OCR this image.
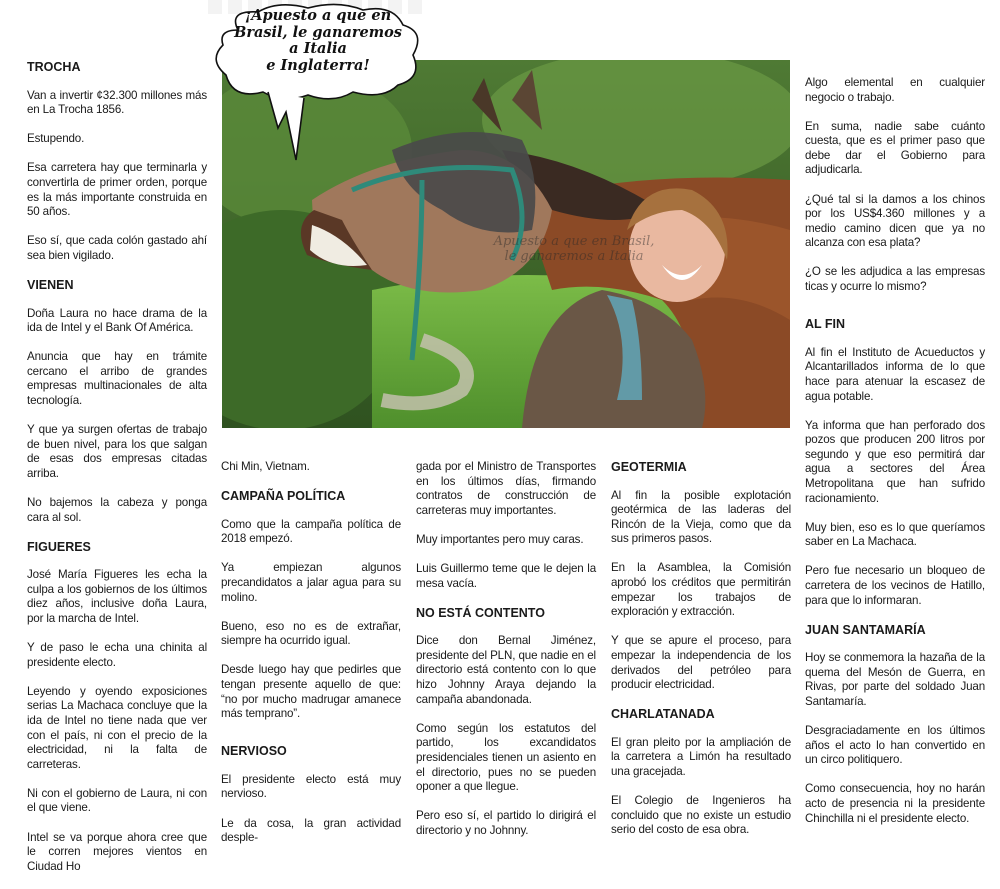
Apuesto a que en Brasil,
le ganaremos a Italia
¡Apuesto a que en
Brasil, le ganaremos
a Italia
e Inglaterra!
TROCHA

Van a invertir ¢32.300 millones más en La Trocha 1856.

Estupendo.

Esa carretera hay que terminarla y convertirla de primer orden, porque es la más importante construida en 50 años.

Eso sí, que cada colón gastado ahí sea bien vigilado.

VIENEN

Doña Laura no hace drama de la ida de Intel y el Bank Of América.

Anuncia que hay en trámite cercano el arribo de grandes empresas multinacionales de alta tecnología.

Y que ya surgen ofertas de trabajo de buen nivel, para los que salgan de esas dos empresas citadas arriba.

No bajemos la cabeza y ponga cara al sol.

FIGUERES

José María Figueres les echa la culpa a los gobiernos de los últimos diez años, inclusive doña Laura, por la marcha de Intel.

Y de paso le echa una chinita al presidente electo.

Leyendo y oyendo exposiciones serias La Machaca concluye que la ida de Intel no tiene nada que ver con el país, ni con el precio de la electricidad, ni la falta de carreteras.

Ni con el gobierno de Laura, ni con el que viene.

Intel se va porque ahora cree que le corren mejores vientos en Ciudad Ho

Chi Min, Vietnam.

CAMPAÑA POLÍTICA

Como que la campaña política de 2018 empezó.

Ya empiezan algunos precandidatos a jalar agua para su molino.

Bueno, eso no es de extrañar, siempre ha ocurrido igual.

Desde luego hay que pedirles que tengan presente aquello de que: “no por mucho madrugar amanece más temprano”.

NERVIOSO

El presidente electo está muy nervioso.

Le da cosa, la gran actividad desple-

gada por el Ministro de Transportes en los últimos días, firmando contratos de construcción de carreteras muy importantes.

Muy importantes pero muy caras.

Luis Guillermo teme que le dejen la mesa vacía.

NO ESTÁ CONTENTO

Dice don Bernal Jiménez, presidente del PLN, que nadie en el directorio está contento con lo que hizo Johnny Araya dejando la campaña abandonada.

Como según los estatutos del partido, los excandidatos presidenciales tienen un asiento en el directorio, pues no se pueden oponer a que llegue.

Pero eso sí, el partido lo dirigirá el directorio y no Johnny.

GEOTERMIA

Al fin la posible explotación geotérmica de las laderas del Rincón de la Vieja, como que da sus primeros pasos.

En la Asamblea, la Comisión aprobó los créditos que permitirán empezar los trabajos de exploración y extracción.

Y que se apure el proceso, para empezar la independencia de los derivados del petróleo para producir electricidad.

CHARLATANADA

El gran pleito por la ampliación de la carretera a Limón ha resultado una gracejada.

El Colegio de Ingenieros ha concluido que no existe un estudio serio del costo de esa obra.

Algo elemental en cualquier negocio o trabajo.

En suma, nadie sabe cuánto cuesta, que es el primer paso que debe dar el Gobierno para adjudicarla.

¿Qué tal si la damos a los chinos por los US$4.360 millones y a medio camino dicen que ya no alcanza con esa plata?

¿O se les adjudica a las empresas ticas y ocurre lo mismo?

AL FIN

Al fin el Instituto de Acueductos y Alcantarillados informa de lo que hace para atenuar la escasez de agua potable.

Ya informa que han perforado dos pozos que producen 200 litros por segundo y que eso permitirá dar agua a sectores del Área Metropolitana que han sufrido racionamiento.

Muy bien, eso es lo que queríamos saber en La Machaca.

Pero fue necesario un bloqueo de carretera de los vecinos de Hatillo, para que lo informaran.

JUAN SANTAMARÍA

Hoy se conmemora la hazaña de la quema del Mesón de Guerra, en Rivas, por parte del soldado Juan Santamaría.

Desgraciadamente en los últimos años el acto lo han convertido en un circo politiquero.

Como consecuencia, hoy no harán acto de presencia ni la presidente Chinchilla ni el presidente electo.
